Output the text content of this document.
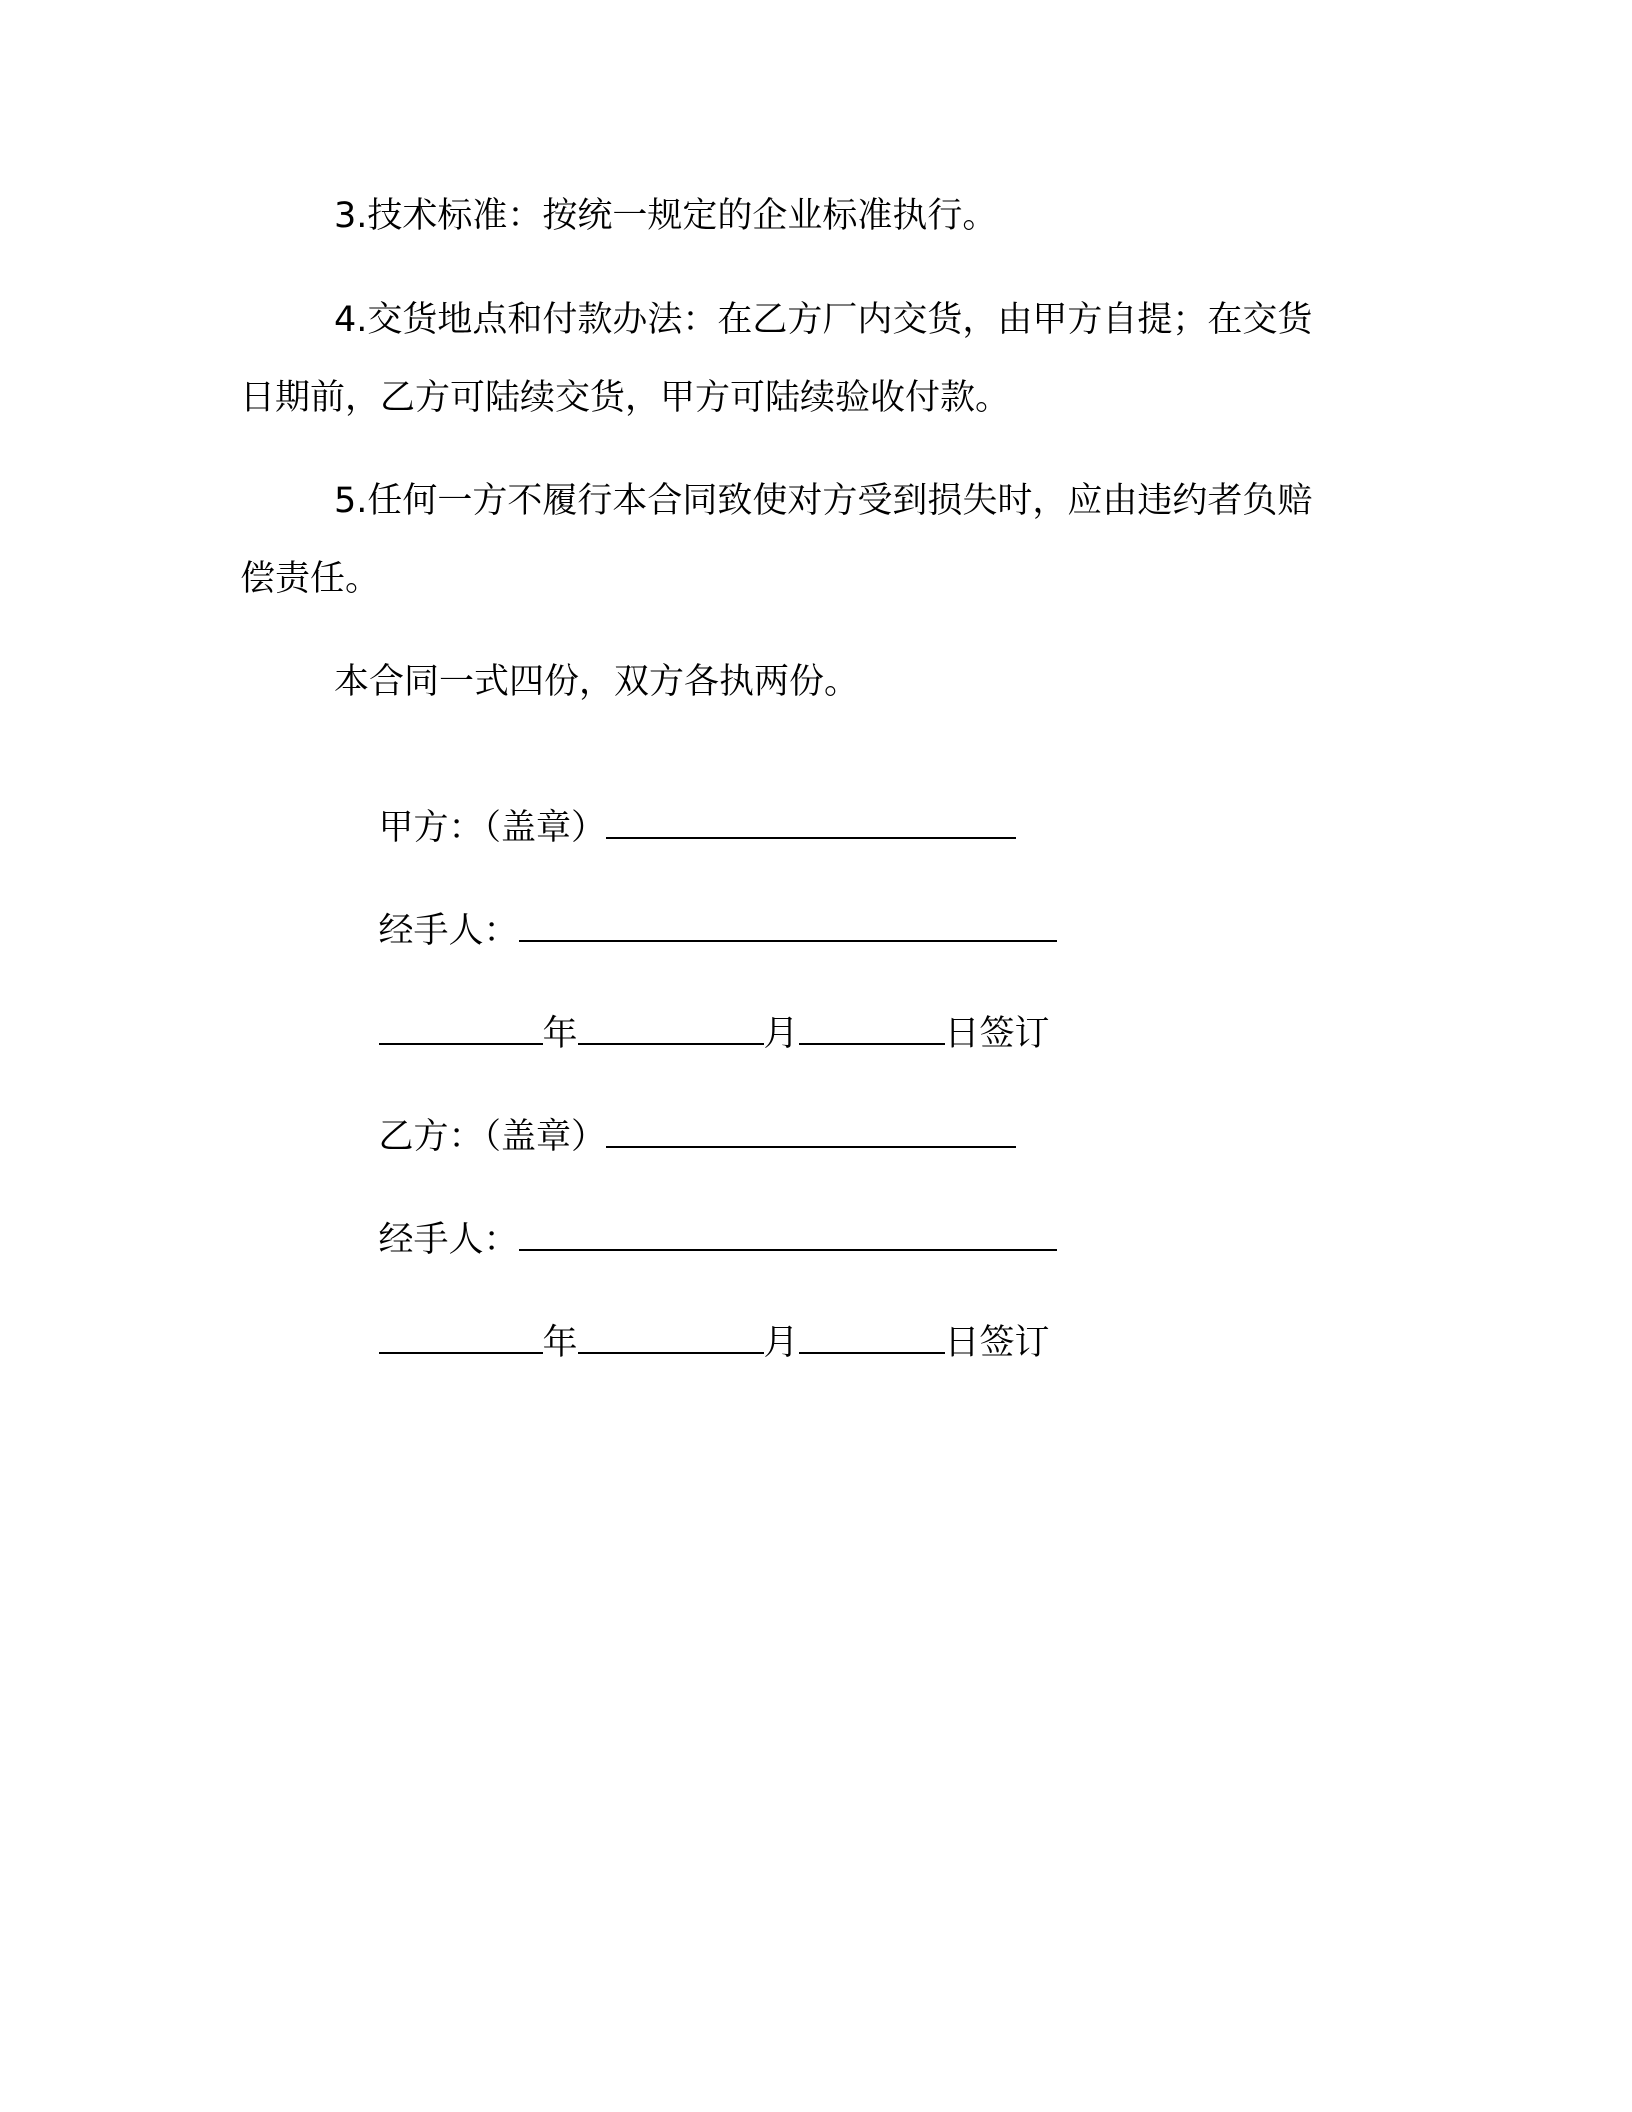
3.技术标准：按统一规定的企业标准执行。
4.交货地点和付款办法：在乙方厂内交货，由甲方自提；在交货
日期前，乙方可陆续交货，甲方可陆续验收付款。
5.任何一方不履行本合同致使对方受到损失时，应由违约者负赔
偿责任。
本合同一式四份，双方各执两份。

甲方：（盖章）

经手人：

年	月	日签订

乙方：（盖章）

经手人：

年	月	日签订
